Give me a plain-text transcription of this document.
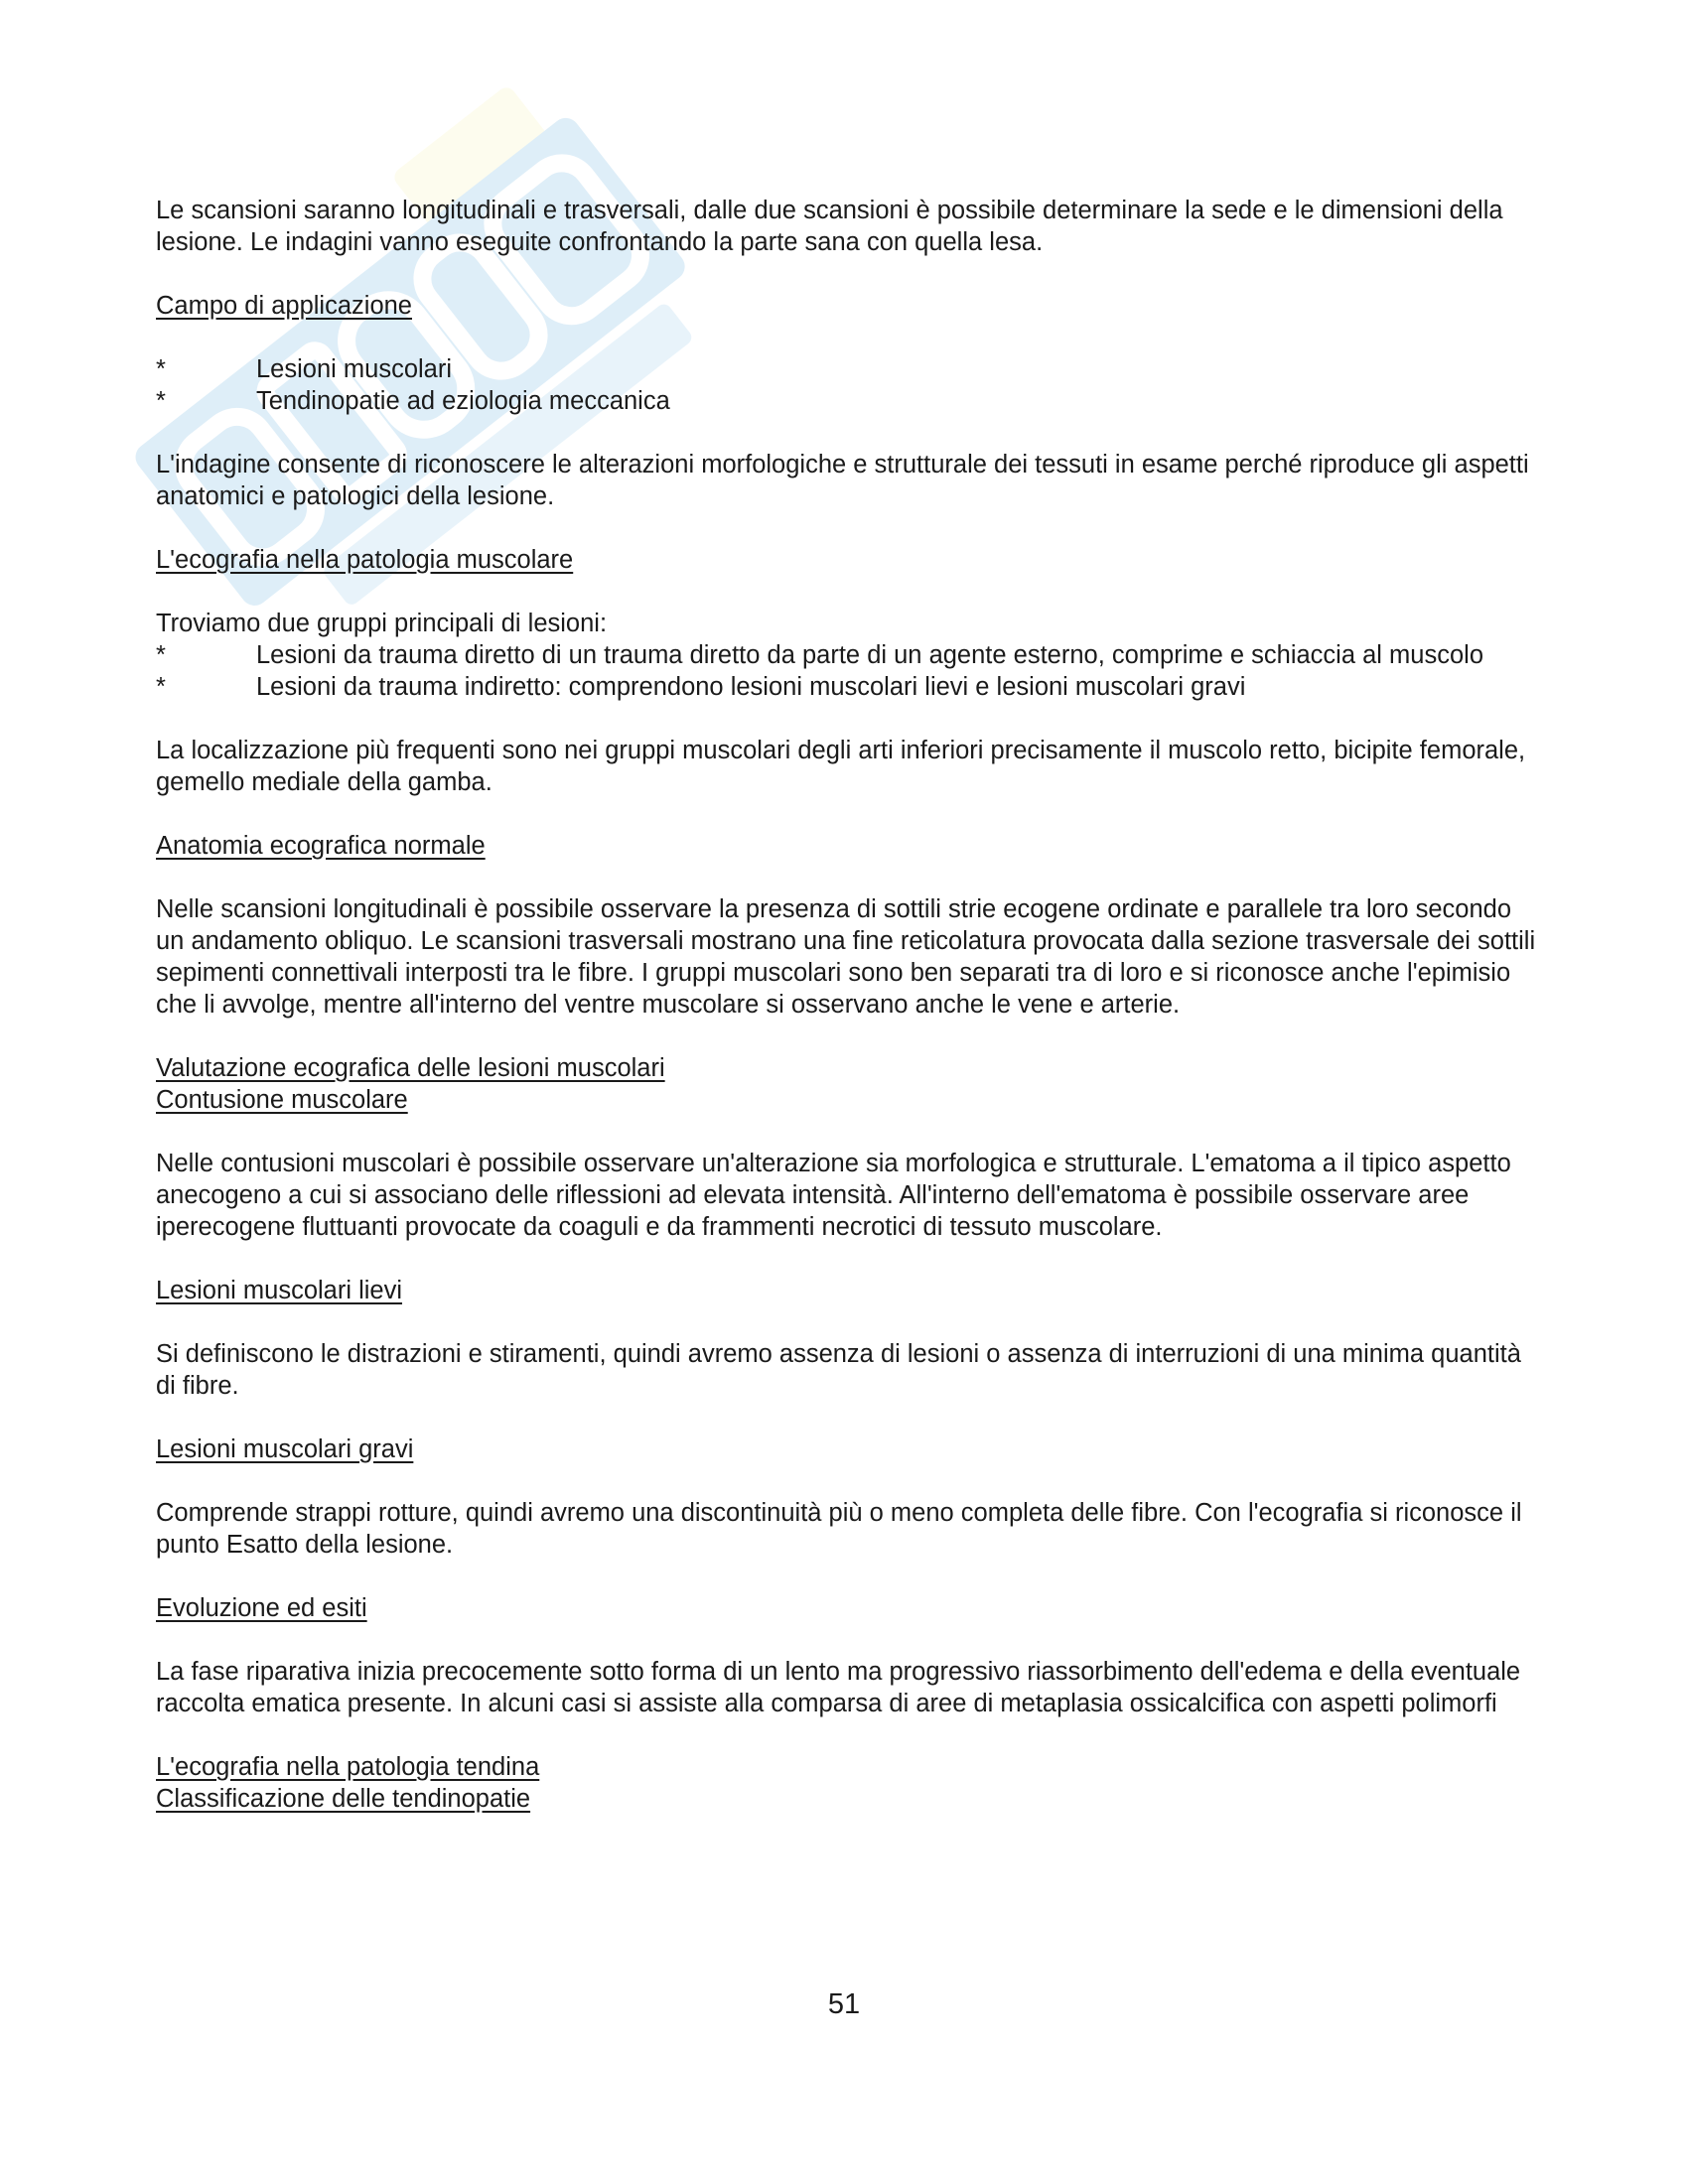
Le scansioni saranno longitudinali e trasversali, dalle due scansioni è possibile determinare la sede e le dimensioni della lesione. Le indagini vanno eseguite confrontando la parte sana con quella lesa.

Campo di applicazione

*	Lesioni muscolari
*	Tendinopatie ad eziologia meccanica

L'indagine consente di riconoscere le alterazioni morfologiche e strutturale dei tessuti in esame perché riproduce gli aspetti anatomici e patologici della lesione.

L'ecografia nella patologia muscolare

Troviamo due gruppi principali di lesioni:

*	Lesioni da trauma diretto di un trauma diretto da parte di un agente esterno, comprime e schiaccia al muscolo
*	Lesioni da trauma indiretto: comprendono lesioni muscolari lievi e lesioni muscolari gravi

La localizzazione più frequenti sono nei gruppi muscolari degli arti inferiori precisamente il muscolo retto, bicipite femorale, gemello mediale della gamba.

Anatomia ecografica normale

Nelle scansioni longitudinali è possibile osservare la presenza di sottili strie ecogene ordinate e parallele tra loro secondo un andamento obliquo. Le scansioni trasversali mostrano una fine reticolatura provocata dalla sezione trasversale dei sottili sepimenti connettivali interposti tra le fibre. I gruppi muscolari sono ben separati tra di loro e si riconosce anche l'epimisio che li avvolge, mentre all'interno del ventre muscolare si osservano anche le vene e arterie.

Valutazione ecografica delle lesioni muscolari

Contusione muscolare

Nelle contusioni muscolari è possibile osservare un'alterazione sia morfologica e strutturale. L'ematoma a il tipico aspetto anecogeno a cui si associano delle riflessioni ad elevata intensità. All'interno dell'ematoma è possibile osservare aree iperecogene fluttuanti provocate da coaguli e da frammenti necrotici di tessuto muscolare.

Lesioni muscolari lievi

Si definiscono le distrazioni e stiramenti, quindi avremo assenza di lesioni o assenza di interruzioni di una minima quantità di fibre.

Lesioni muscolari gravi

Comprende strappi rotture, quindi avremo una discontinuità più o meno completa delle fibre. Con l'ecografia si riconosce il punto Esatto della lesione.

Evoluzione ed esiti

La fase riparativa inizia precocemente sotto forma di un lento ma progressivo riassorbimento dell'edema e della eventuale raccolta ematica presente. In alcuni casi si assiste alla comparsa di aree di metaplasia ossicalcifica con aspetti polimorfi

L'ecografia nella patologia tendina

Classificazione delle tendinopatie

51
